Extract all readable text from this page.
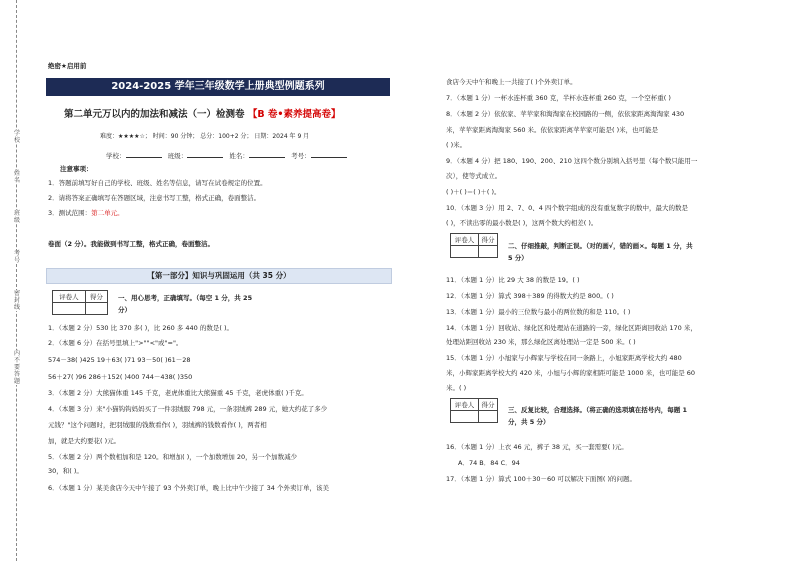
学
校
姓
名
班
级
考
号
密
封
线
内
不
要
答
题
绝密★启用前
2024-2025 学年三年级数学上册典型例题系列
第二单元万以内的加法和减法（一）检测卷 【B 卷•素养提高卷】
难度：★★★★☆； 时间：90 分钟； 总分：100+2 分； 日期：2024 年 9 月
学校：	班级：	姓名：	考号：
注意事项：
1．答题前填写好自己的学校、班级、姓名等信息，请写在试卷规定的位置。
2．请将答案正确填写在答题区域，注意书写工整，格式正确，卷面整洁。
3．测试范围：第二单元。
卷面（2 分）。我能做到书写工整，格式正确，卷面整洁。
【第一部分】知识与巩固运用（共 35 分）
评卷人	得分
	一、用心思考，正确填写。（每空 1 分，共 25
分）
1．（本题 2 分）530 比 370 多( )，比 260 多 440 的数是( )。
2．（本题 6 分）在括号里填上">""<"或"="。
574－38( )425 19＋63( )71 93－50( )61－28
56＋27( )96 286＋152( )400 744－438( )350
3．（本题 2 分）大熊猫体重 145 千克，老虎体重比大熊猫重 45 千克，老虎体重( )千克。
4．（本题 3 分）来"小猫钩钩妈妈买了一件羽绒服 798 元，一条羽绒裤 289 元，她大约花了多少
元钱？"这个问题时，把羽绒服的钱数看作( )，羽绒裤的钱数看作( )，两者相
加，就是大约要花( )元。
5．（本题 2 分）两个数相加和是 120。和增加( )，一个加数增加 20，另一个加数减少
30，和( )。
6．（本题 1 分）某美食店今天中午接了 93 个外卖订单，晚上比中午少接了 34 个外卖订单，该美
食店今天中午和晚上一共接了( )个外卖订单。
7．（本题 1 分）一杯水连杯重 360 克，半杯水连杯重 260 克，一个空杯重( )
8．（本题 2 分）依依家、苹苹家和淘淘家在校园路的一侧，依依家距离淘淘家 430
米，苹苹家距离淘淘家 560 米。依依家距离苹苹家可能是( )米，也可能是
( )米。
9．（本题 4 分）把 180、190、200、210 这四个数分别填入括号里（每个数只能用一
次），使等式成立。
( )＋( )＝( )＋( )。
10．（本题 3 分）用 2、7、0、4 四个数字组成的没有重复数字的数中，最大的数是
( )，不读出零的最小数是( )，这两个数大约相差( )。
评卷人	得分

二、仔细推敲，判断正误。（对的画√，错的画×。每题 1 分，共
5 分）
11．（本题 1 分）比 29 大 38 的数是 19。( )
12．（本题 1 分）算式 398＋389 的得数大约是 800。( )
13．（本题 1 分）最小的三位数与最小的两位数的和是 110。( )
14．（本题 1 分）回收站、绿化区和处理站在道路的一旁，绿化区距离回收站 170 米，
处理站距回收站 230 米，那么绿化区离处理站一定是 500 米。( )
15．（本题 1 分）小旭家与小辉家与学校在同一条路上，小旭家距离学校大约 480
米，小辉家距离学校大约 420 米，小旭与小辉的家相距可能是 1000 米，也可能是 60
米。( )
评卷人	得分

三、反复比较，合理选择。（将正确的选项填在括号内，每题 1
分，共 5 分）
16．（本题 1 分）上衣 46 元，裤子 38 元，买一套需要( )元。
A．74 B．84 C．94
17．（本题 1 分）算式 100＋30－60 可以解决下面图( )的问题。
